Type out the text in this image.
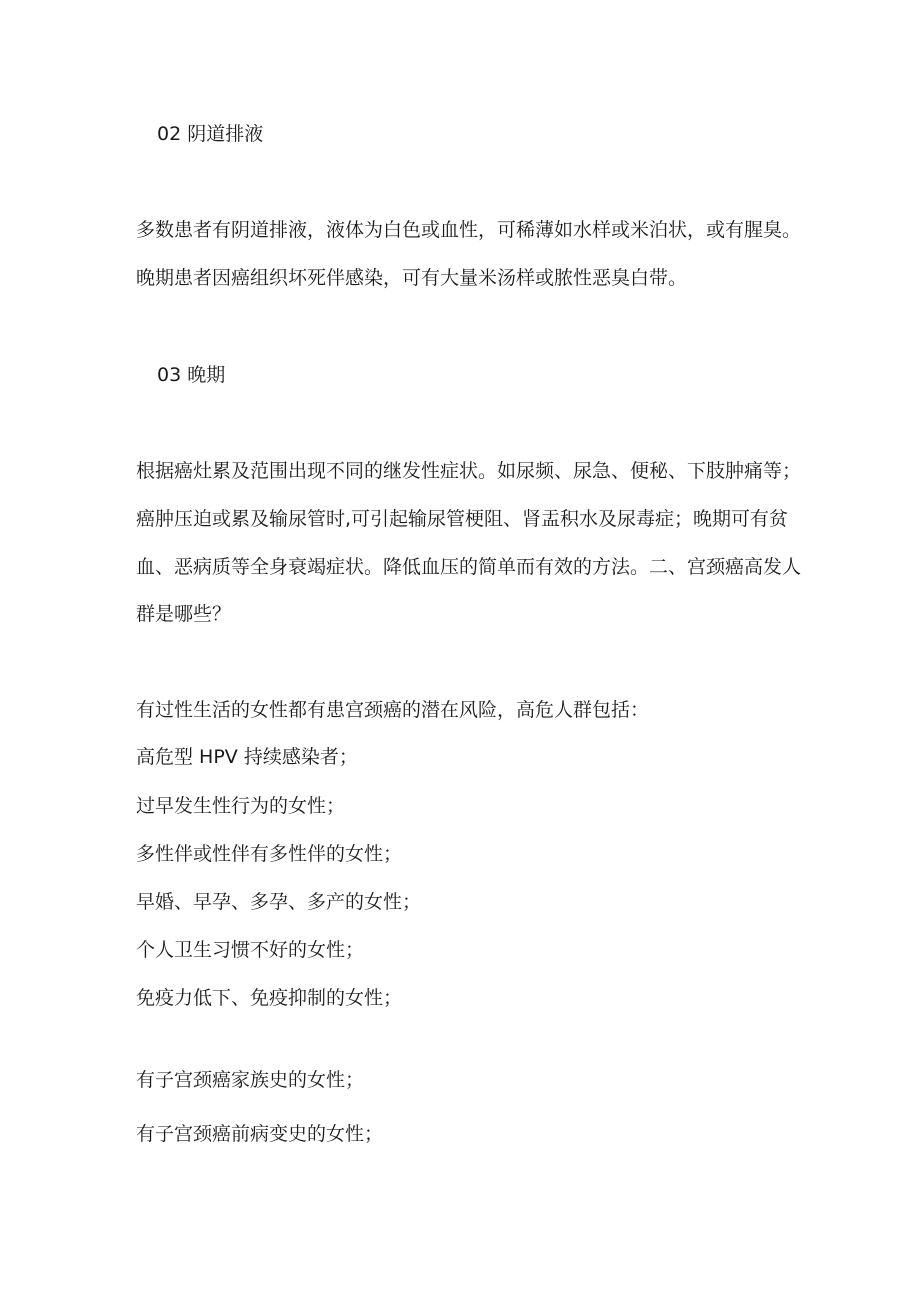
02 阴道排液

多数患者有阴道排液，液体为白色或血性，可稀薄如水样或米泊状，或有腥臭。

晚期患者因癌组织坏死伴感染，可有大量米汤样或脓性恶臭白带。

03 晚期

根据癌灶累及范围出现不同的继发性症状。如尿频、尿急、便秘、下肢肿痛等；

癌肿压迫或累及输尿管时,可引起输尿管梗阻、肾盂积水及尿毒症；晚期可有贫

血、恶病质等全身衰竭症状。降低血压的简单而有效的方法。二、宫颈癌高发人

群是哪些？

有过性生活的女性都有患宫颈癌的潜在风险，高危人群包括：

高危型 HPV 持续感染者；

过早发生性行为的女性；

多性伴或性伴有多性伴的女性；

早婚、早孕、多孕、多产的女性；

个人卫生习惯不好的女性；

免疫力低下、免疫抑制的女性；

有子宫颈癌家族史的女性；

有子宫颈癌前病变史的女性；
